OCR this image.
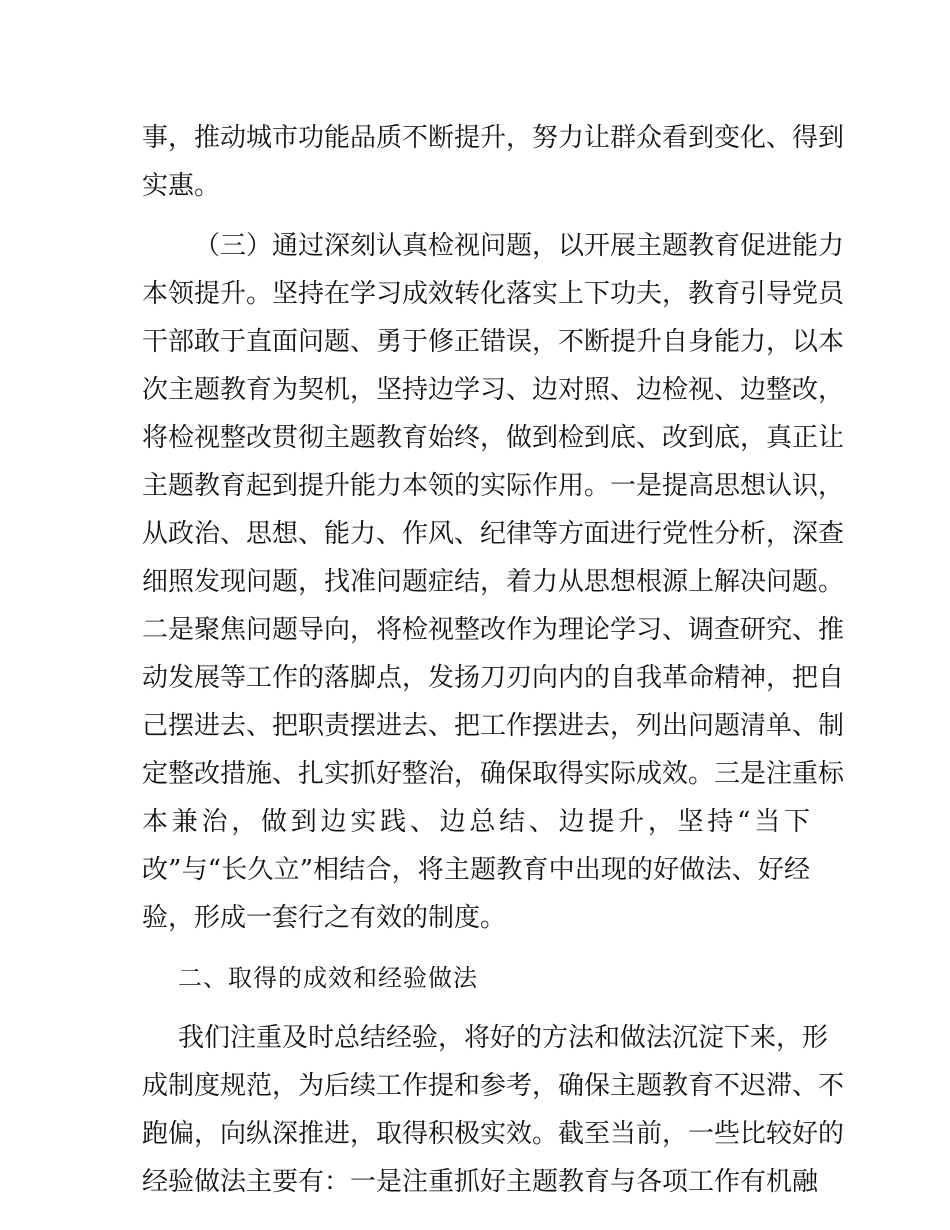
事，推动城市功能品质不断提升，努力让群众看到变化、得到
实惠。
（三）通过深刻认真检视问题，以开展主题教育促进能力
本领提升。坚持在学习成效转化落实上下功夫，教育引导党员
干部敢于直面问题、勇于修正错误，不断提升自身能力，以本
次主题教育为契机，坚持边学习、边对照、边检视、边整改，
将检视整改贯彻主题教育始终，做到检到底、改到底，真正让
主题教育起到提升能力本领的实际作用。一是提高思想认识，
从政治、思想、能力、作风、纪律等方面进行党性分析，深查
细照发现问题，找准问题症结，着力从思想根源上解决问题。
二是聚焦问题导向，将检视整改作为理论学习、调查研究、推
动发展等工作的落脚点，发扬刀刃向内的自我革命精神，把自
己摆进去、把职责摆进去、把工作摆进去，列出问题清单、制
定整改措施、扎实抓好整治，确保取得实际成效。三是注重标
本兼治，做到边实践、边总结、边提升，坚持“当下
改”与“长久立”相结合，将主题教育中出现的好做法、好经
验，形成一套行之有效的制度。
二、取得的成效和经验做法
我们注重及时总结经验，将好的方法和做法沉淀下来，形
成制度规范，为后续工作提和参考，确保主题教育不迟滞、不
跑偏，向纵深推进，取得积极实效。截至当前，一些比较好的
经验做法主要有：一是注重抓好主题教育与各项工作有机融
